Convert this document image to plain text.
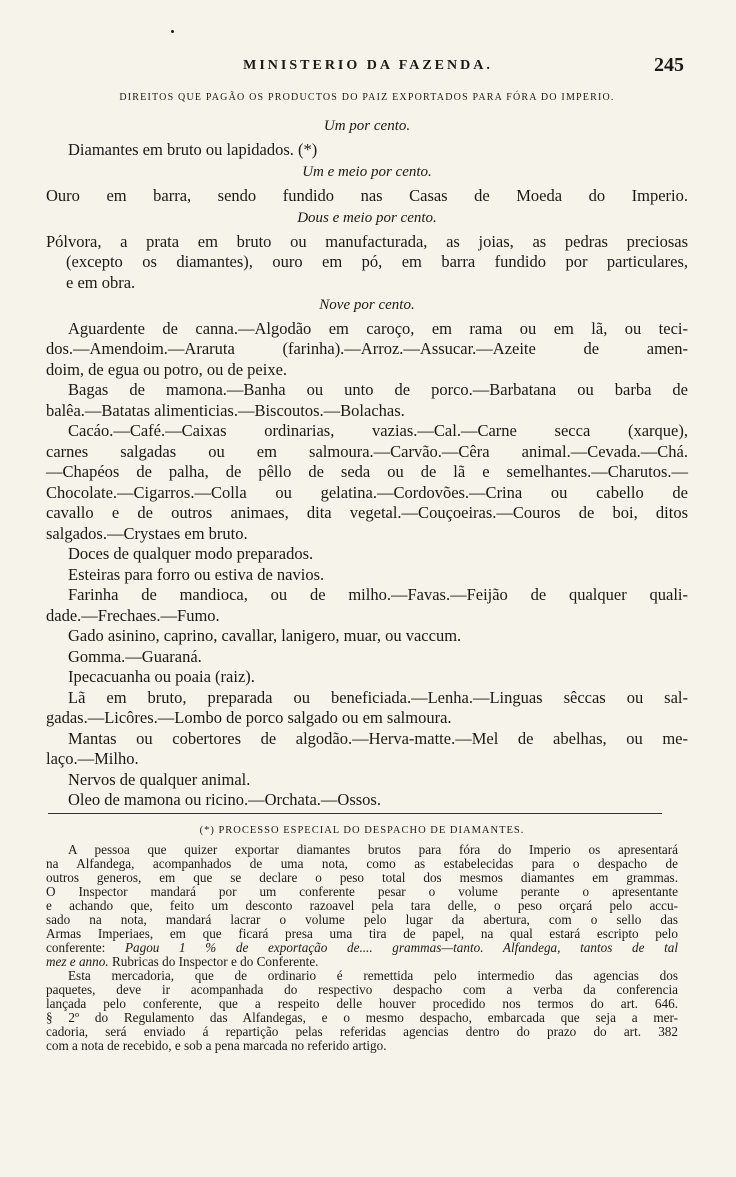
MINISTERIO DA FAZENDA.	245
DIREITOS QUE PAGÃO OS PRODUCTOS DO PAIZ EXPORTADOS PARA FÓRA DO IMPERIO.
Um por cento.
Diamantes em bruto ou lapidados. (*)
Um e meio por cento.
Ouro em barra, sendo fundido nas Casas de Moeda do Imperio.
Dous e meio por cento.
Pólvora, a prata em bruto ou manufacturada, as joias, as pedras preciosas
(excepto os diamantes), ouro em pó, em barra fundido por particulares,
e em obra.
Nove por cento.
Aguardente de canna.—Algodão em caroço, em rama ou em lã, ou teci-
dos.—Amendoim.—Araruta (farinha).—Arroz.—Assucar.—Azeite de amen-
doim, de egua ou potro, ou de peixe.
Bagas de mamona.—Banha ou unto de porco.—Barbatana ou barba de
balêa.—Batatas alimenticias.—Biscoutos.—Bolachas.
Cacáo.—Café.—Caixas ordinarias, vazias.—Cal.—Carne secca (xarque),
carnes salgadas ou em salmoura.—Carvão.—Cêra animal.—Cevada.—Chá.
—Chapéos de palha, de pêllo de seda ou de lã e semelhantes.—Charutos.—
Chocolate.—Cigarros.—Colla ou gelatina.—Cordovões.—Crina ou cabello de
cavallo e de outros animaes, dita vegetal.—Couçoeiras.—Couros de boi, ditos
salgados.—Crystaes em bruto.
Doces de qualquer modo preparados.
Esteiras para forro ou estiva de navios.
Farinha de mandioca, ou de milho.—Favas.—Feijão de qualquer quali-
dade.—Frechaes.—Fumo.
Gado asinino, caprino, cavallar, lanigero, muar, ou vaccum.
Gomma.—Guaraná.
Ipecacuanha ou poaia (raiz).
Lã em bruto, preparada ou beneficiada.—Lenha.—Linguas sêccas ou sal-
gadas.—Licôres.—Lombo de porco salgado ou em salmoura.
Mantas ou cobertores de algodão.—Herva-matte.—Mel de abelhas, ou me-
laço.—Milho.
Nervos de qualquer animal.
Oleo de mamona ou ricino.—Orchata.—Ossos.
(*) PROCESSO ESPECIAL DO DESPACHO DE DIAMANTES.
A pessoa que quizer exportar diamantes brutos para fóra do Imperio os apresentará
na Alfandega, acompanhados de uma nota, como as estabelecidas para o despacho de
outros generos, em que se declare o peso total dos mesmos diamantes em grammas.
O Inspector mandará por um conferente pesar o volume perante o apresentante
e achando que, feito um desconto razoavel pela tara delle, o peso orçará pelo accu-
sado na nota, mandará lacrar o volume pelo lugar da abertura, com o sello das
Armas Imperiaes, em que ficará presa uma tira de papel, na qual estará escripto pelo
conferente: Pagou 1 % de exportação de.... grammas—tanto. Alfandega, tantos de tal
mez e anno. Rubricas do Inspector e do Conferente.
Esta mercadoria, que de ordinario é remettida pelo intermedio das agencias dos
paquetes, deve ir acompanhada do respectivo despacho com a verba da conferencia
lançada pelo conferente, que a respeito delle houver procedido nos termos do art. 646.
§ 2º do Regulamento das Alfandegas, e o mesmo despacho, embarcada que seja a mer-
cadoria, será enviado á repartição pelas referidas agencias dentro do prazo do art. 382
com a nota de recebido, e sob a pena marcada no referido artigo.
